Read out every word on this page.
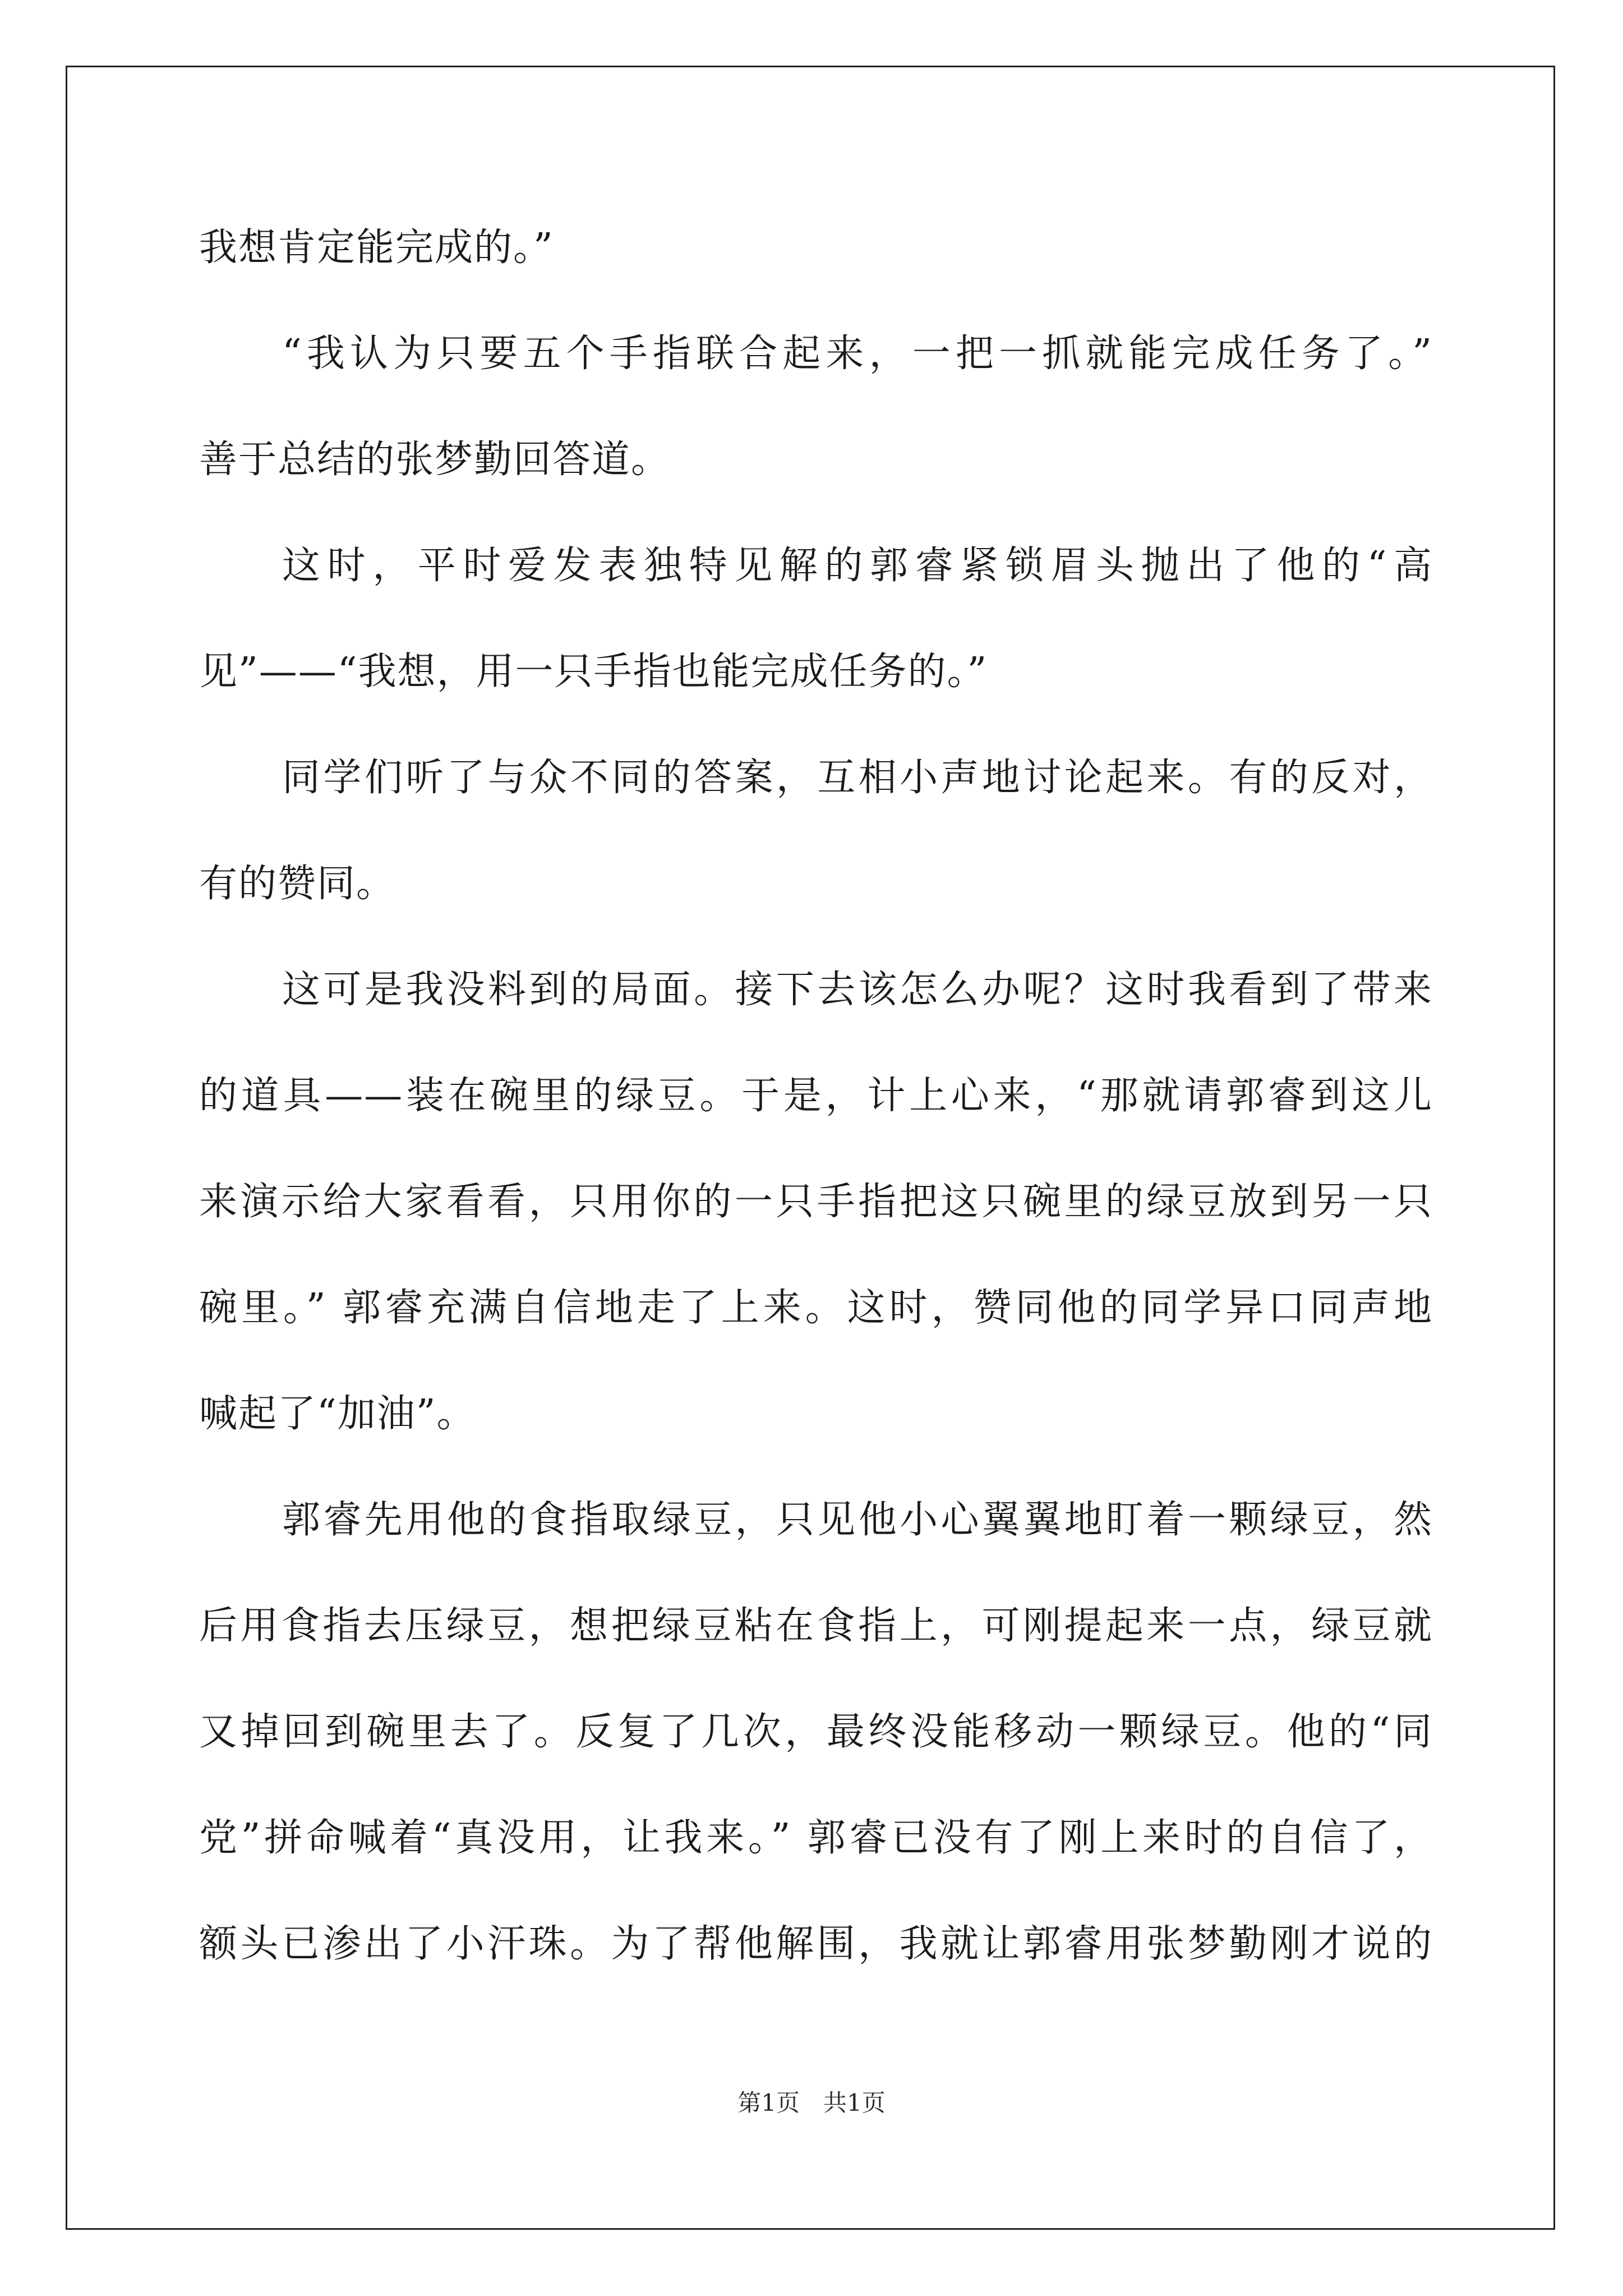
我想肯定能完成的。”
“我认为只要五个手指联合起来，一把一抓就能完成任务了。”
善于总结的张梦勤回答道。
这时，平时爱发表独特见解的郭睿紧锁眉头抛出了他的“高
见”——“我想，用一只手指也能完成任务的。”
同学们听了与众不同的答案，互相小声地讨论起来。有的反对，
有的赞同。
这可是我没料到的局面。接下去该怎么办呢？这时我看到了带来
的道具——装在碗里的绿豆。于是，计上心来，“那就请郭睿到这儿
来演示给大家看看，只用你的一只手指把这只碗里的绿豆放到另一只
碗里。” 郭睿充满自信地走了上来。这时，赞同他的同学异口同声地
喊起了“加油”。
郭睿先用他的食指取绿豆，只见他小心翼翼地盯着一颗绿豆，然
后用食指去压绿豆，想把绿豆粘在食指上，可刚提起来一点，绿豆就
又掉回到碗里去了。反复了几次，最终没能移动一颗绿豆。他的“同
党”拼命喊着“真没用，让我来。” 郭睿已没有了刚上来时的自信了，
额头已渗出了小汗珠。为了帮他解围，我就让郭睿用张梦勤刚才说的
第1页　共1页
